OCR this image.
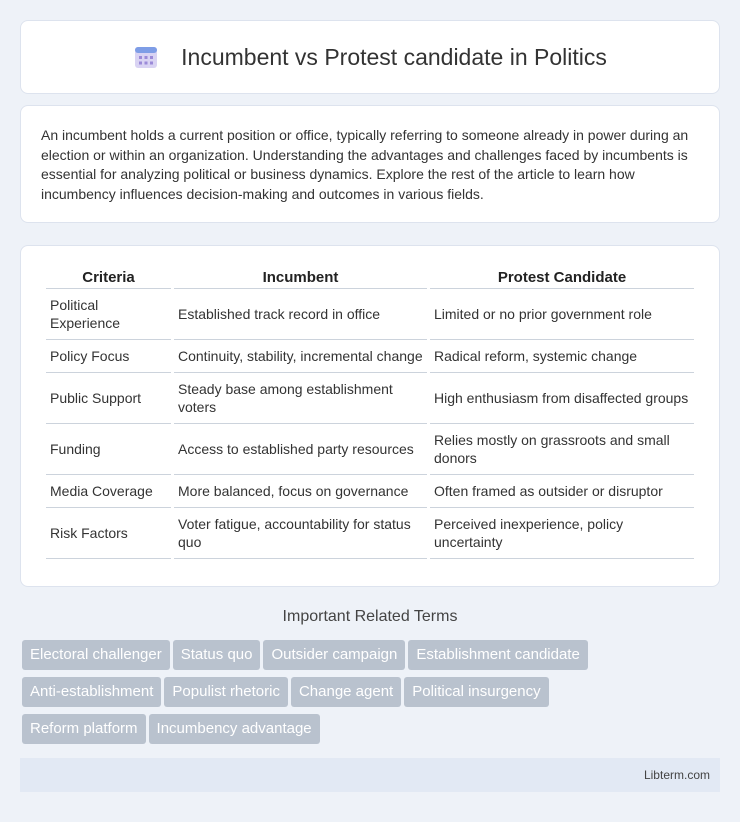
Incumbent vs Protest candidate in Politics

An incumbent holds a current position or office, typically referring to someone already in power during an election or within an organization. Understanding the advantages and challenges faced by incumbents is essential for analyzing political or business dynamics. Explore the rest of the article to learn how incumbency influences decision-making and outcomes in various fields.

Criteria	Incumbent	Protest Candidate
Political Experience	Established track record in office	Limited or no prior government role
Policy Focus	Continuity, stability, incremental change	Radical reform, systemic change
Public Support	Steady base among establishment voters	High enthusiasm from disaffected groups
Funding	Access to established party resources	Relies mostly on grassroots and small donors
Media Coverage	More balanced, focus on governance	Often framed as outsider or disruptor
Risk Factors	Voter fatigue, accountability for status quo	Perceived inexperience, policy uncertainty
Important Related Terms
Electoral challenger Status quo Outsider campaign Establishment candidate
Anti-establishment Populist rhetoric Change agent Political insurgency
Reform platform Incumbency advantage
Libterm.com
